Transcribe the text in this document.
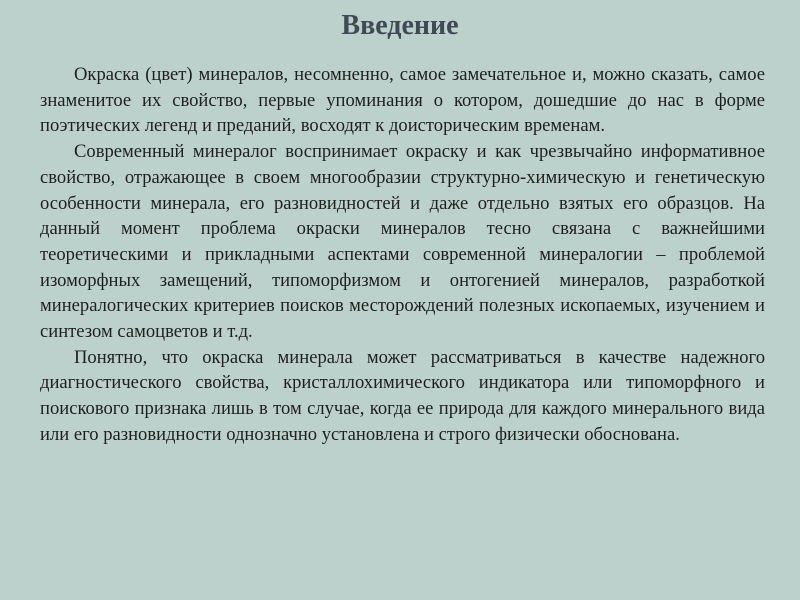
Введение

Окраска (цвет) минералов, несомненно, самое замечательное и, можно сказать, самое знаменитое их свойство, первые упоминания о котором, дошедшие до нас в форме поэтических легенд и преданий, восходят к доисторическим временам.

Современный минералог воспринимает окраску и как чрезвычайно информативное свойство, отражающее в своем многообразии структурно-химическую и генетическую особенности минерала, его разновидностей и даже отдельно взятых его образцов. На данный момент проблема окраски минералов тесно связана с важнейшими теоретическими и прикладными аспектами современной минералогии – проблемой изоморфных замещений, типоморфизмом и онтогенией минералов, разработкой минералогических критериев поисков месторождений полезных ископаемых, изучением и синтезом самоцветов и т.д.

Понятно, что окраска минерала может рассматриваться в качестве надежного диагностического свойства, кристаллохимического индикатора или типоморфного и поискового признака лишь в том случае, когда ее природа для каждого минерального вида или его разновидности однозначно установлена и строго физически обоснована.
